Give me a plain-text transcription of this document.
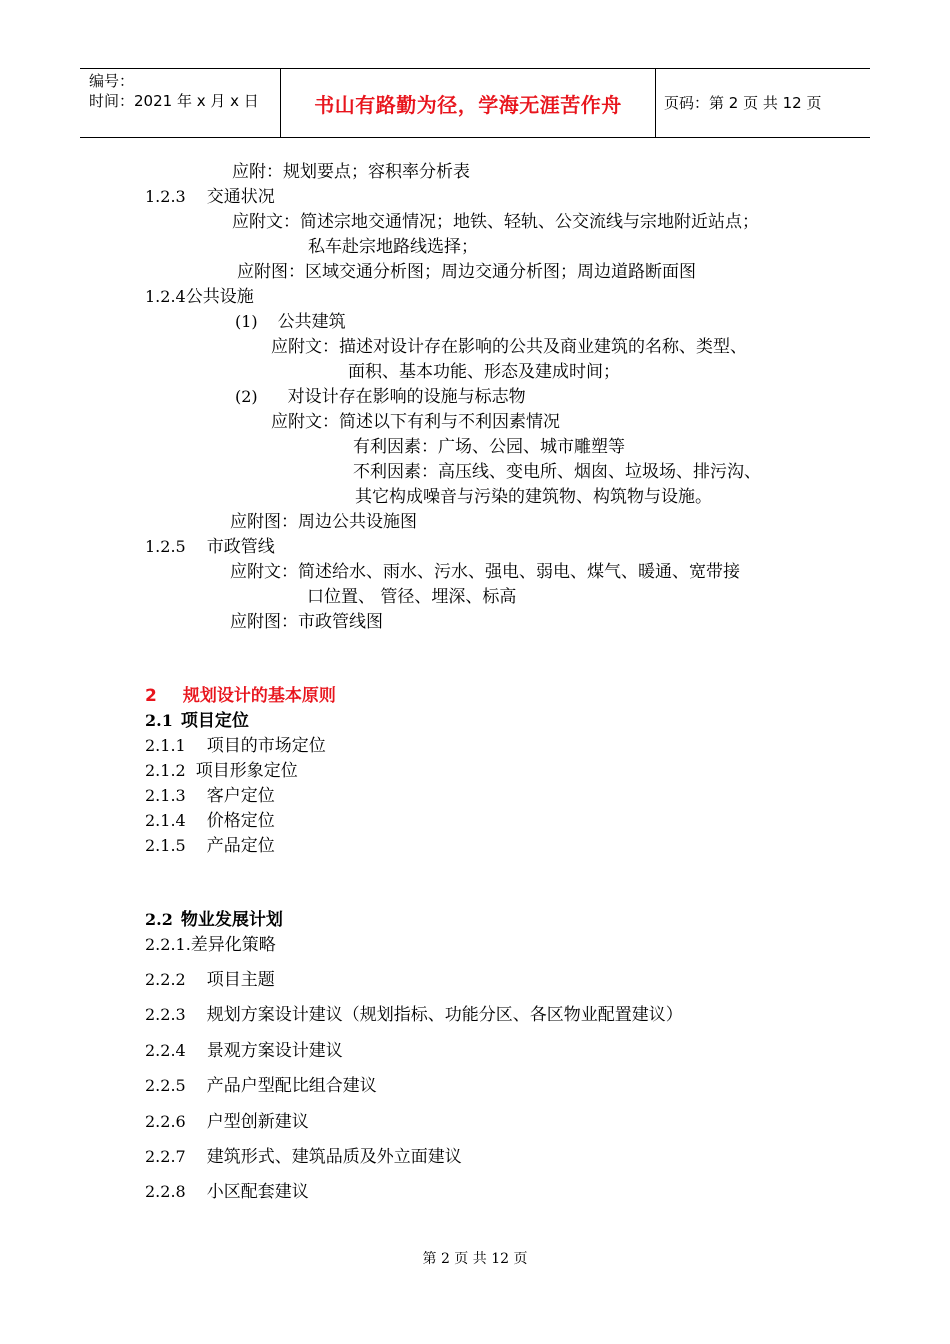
编号：
时间：2021 年 x 月 x 日	书山有路勤为径，学海无涯苦作舟	页码：第 2 页 共 12 页
应附：规划要点；容积率分析表
1.2.3 交通状况
应附文：简述宗地交通情况；地铁、轻轨、公交流线与宗地附近站点；
私车赴宗地路线选择；
应附图：区域交通分析图；周边交通分析图；周边道路断面图
1.2.4公共设施
(1) 公共建筑
应附文：描述对设计存在影响的公共及商业建筑的名称、类型、
面积、基本功能、形态及建成时间；
(2) 对设计存在影响的设施与标志物
应附文：简述以下有利与不利因素情况
有利因素：广场、公园、城市雕塑等
不利因素：高压线、变电所、烟囱、垃圾场、排污沟、
其它构成噪音与污染的建筑物、构筑物与设施。
应附图：周边公共设施图
1.2.5 市政管线
应附文：简述给水、雨水、污水、强电、弱电、煤气、暖通、宽带接
口位置、 管径、埋深、标高
应附图：市政管线图
2 规划设计的基本原则
2.1 项目定位
2.1.1 项目的市场定位
2.1.2 项目形象定位
2.1.3 客户定位
2.1.4 价格定位
2.1.5 产品定位
2.2 物业发展计划
2.2.1.差异化策略
2.2.2 项目主题
2.2.3 规划方案设计建议（规划指标、功能分区、各区物业配置建议）
2.2.4 景观方案设计建议
2.2.5 产品户型配比组合建议
2.2.6 户型创新建议
2.2.7 建筑形式、建筑品质及外立面建议
2.2.8 小区配套建议
第 2 页 共 12 页
